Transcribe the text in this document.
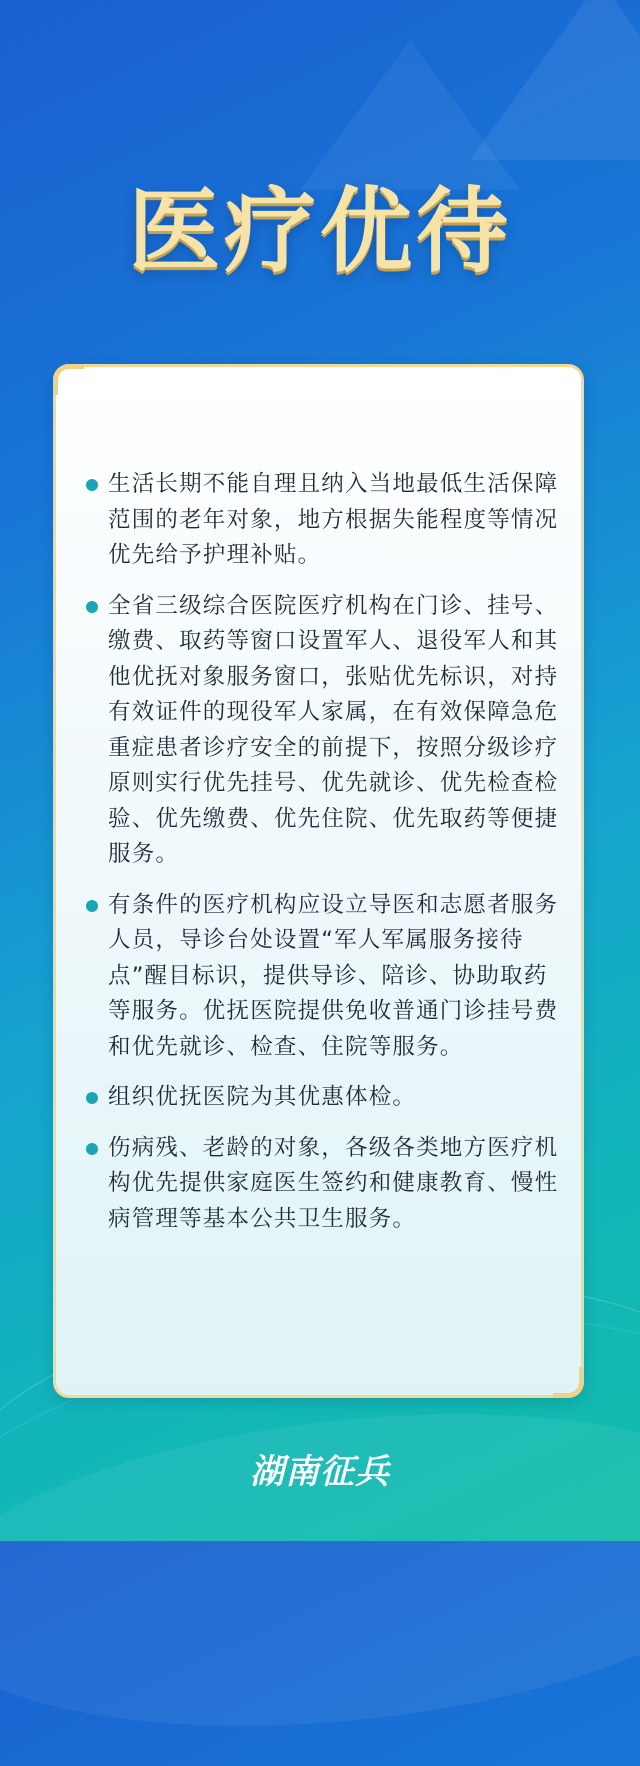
医疗优待
生活长期不能自理且纳入当地最低生活保障范围的老年对象，地方根据失能程度等情况优先给予护理补贴。
全省三级综合医院医疗机构在门诊、挂号、缴费、取药等窗口设置军人、退役军人和其他优抚对象服务窗口，张贴优先标识，对持有效证件的现役军人家属，在有效保障急危重症患者诊疗安全的前提下，按照分级诊疗原则实行优先挂号、优先就诊、优先检查检验、优先缴费、优先住院、优先取药等便捷服务。
有条件的医疗机构应设立导医和志愿者服务人员，导诊台处设置“军人军属服务接待点”醒目标识，提供导诊、陪诊、协助取药等服务。优抚医院提供免收普通门诊挂号费和优先就诊、检查、住院等服务。
组织优抚医院为其优惠体检。
伤病残、老龄的对象，各级各类地方医疗机构优先提供家庭医生签约和健康教育、慢性病管理等基本公共卫生服务。
湖南征兵
